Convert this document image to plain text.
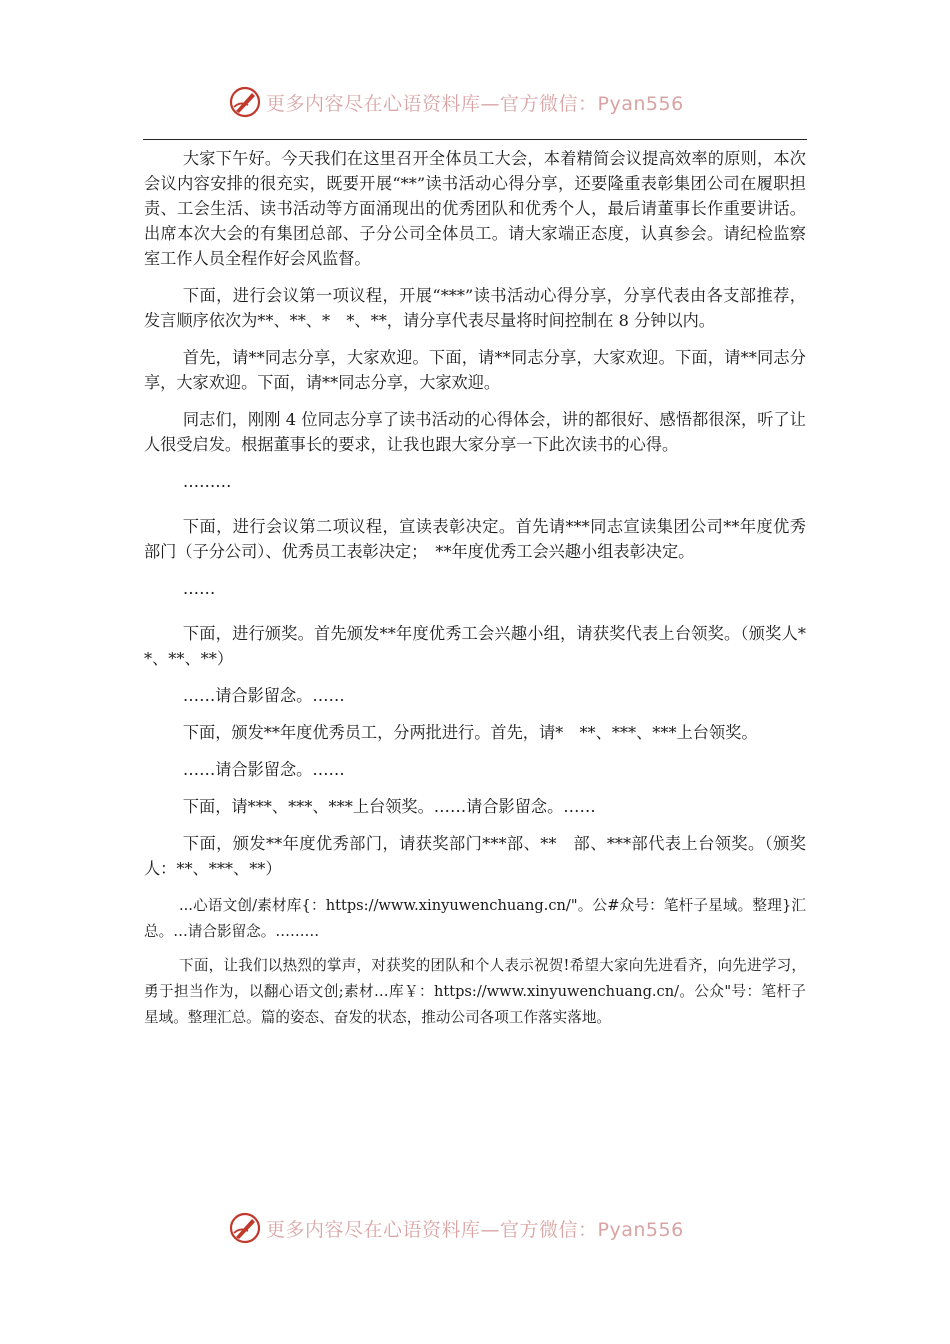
更多内容尽在心语资料库—官方微信：Pyan556

大家下午好。今天我们在这里召开全体员工大会，本着精简会议提高效率的原则，本次会议内容安排的很充实，既要开展“**”读书活动心得分享，还要隆重表彰集团公司在履职担责、工会生活、读书活动等方面涌现出的优秀团队和优秀个人，最后请董事长作重要讲话。出席本次大会的有集团总部、子分公司全体员工。请大家端正态度，认真参会。请纪检监察室工作人员全程作好会风监督。

下面，进行会议第一项议程，开展“***”读书活动心得分享，分享代表由各支部推荐，发言顺序依次为**、**、*　*、**，请分享代表尽量将时间控制在 8 分钟以内。

首先，请**同志分享，大家欢迎。下面，请**同志分享，大家欢迎。下面，请**同志分享，大家欢迎。下面，请**同志分享，大家欢迎。

同志们，刚刚 4 位同志分享了读书活动的心得体会，讲的都很好、感悟都很深，听了让人很受启发。根据董事长的要求，让我也跟大家分享一下此次读书的心得。

………

下面，进行会议第二项议程，宣读表彰决定。首先请***同志宣读集团公司**年度优秀部门（子分公司）、优秀员工表彰决定；　**年度优秀工会兴趣小组表彰决定。

……

下面，进行颁奖。首先颁发**年度优秀工会兴趣小组，请获奖代表上台领奖。（颁奖人**、**、**）

……请合影留念。……

下面，颁发**年度优秀员工，分两批进行。首先，请*　**、***、***上台领奖。

……请合影留念。……

下面，请***、***、***上台领奖。……请合影留念。……

下面，颁发**年度优秀部门，请获奖部门***部、**　部、***部代表上台领奖。（颁奖人：**、***、**）

...心语文创/素材库{：https://www.xinyuwenchuang.cn/"。公#众号：笔杆子星域。整理}汇总。…请合影留念。………

下面，让我们以热烈的掌声，对获奖的团队和个人表示祝贺!希望大家向先进看齐，向先进学习，勇于担当作为，以翻心语文创;素材…库￥：https://www.xinyuwenchuang.cn/。公众"号：笔杆子星域。整理汇总。篇的姿态、奋发的状态，推动公司各项工作落实落地。

更多内容尽在心语资料库—官方微信：Pyan556
